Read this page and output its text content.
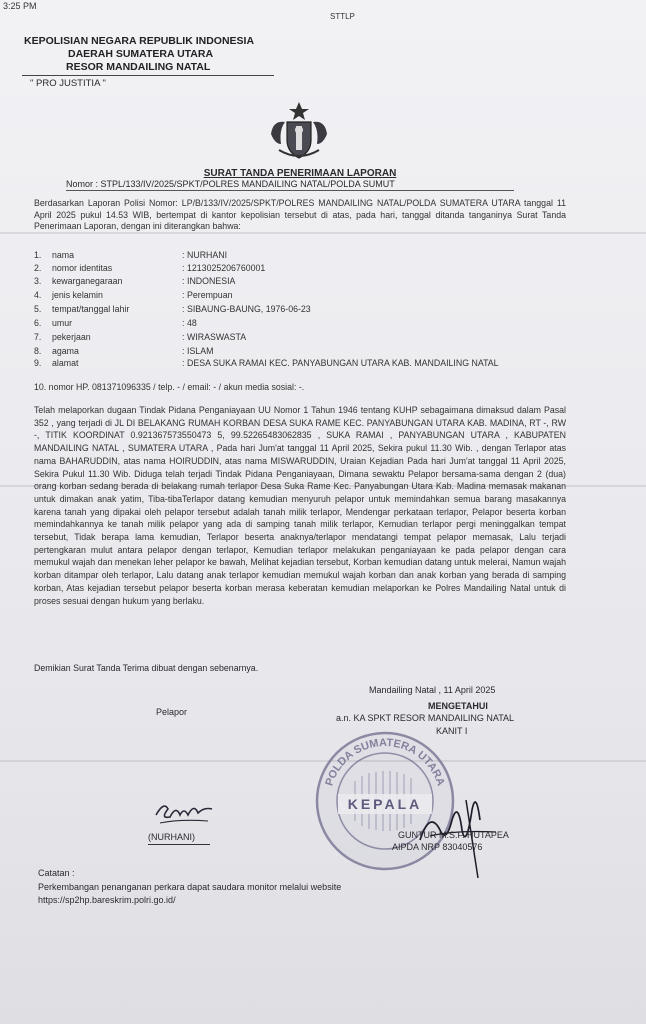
3:25 PM
STTLP
KEPOLISIAN NEGARA REPUBLIK INDONESIA
DAERAH SUMATERA UTARA
RESOR MANDAILING NATAL
" PRO JUSTITIA "
SURAT TANDA PENERIMAAN LAPORAN
Nomor : STPL/133/IV/2025/SPKT/POLRES MANDAILING NATAL/POLDA SUMUT
Berdasarkan Laporan Polisi Nomor: LP/B/133/IV/2025/SPKT/POLRES MANDAILING NATAL/POLDA SUMATERA UTARA tanggal 11 April 2025 pukul 14.53 WIB, bertempat di kantor kepolisian tersebut di atas, pada hari, tanggal ditanda tanganinya Surat Tanda Penerimaan Laporan, dengan ini diterangkan bahwa:
1.	nama	: NURHANI
2.	nomor identitas	: 1213025206760001
3.	kewarganegaraan	: INDONESIA
4.	jenis kelamin	: Perempuan
5.	tempat/tanggal lahir	: SIBAUNG-BAUNG, 1976-06-23
6.	umur	: 48
7.	pekerjaan	: WIRASWASTA
8.	agama	: ISLAM
9.	alamat	: DESA SUKA RAMAI KEC. PANYABUNGAN UTARA KAB. MANDAILING NATAL
10. nomor HP. 081371096335 / telp. - / email: - / akun media sosial: -.
Telah melaporkan dugaan Tindak Pidana Penganiayaan UU Nomor 1 Tahun 1946 tentang KUHP sebagaimana dimaksud dalam Pasal 352 , yang terjadi di JL DI BELAKANG RUMAH KORBAN DESA SUKA RAME KEC. PANYABUNGAN UTARA KAB. MADINA, RT -, RW -, TITIK KOORDINAT 0.921367573550473 5, 99.52265483062835 , SUKA RAMAI , PANYABUNGAN UTARA , KABUPATEN MANDAILING NATAL , SUMATERA UTARA , Pada hari Jum'at tanggal 11 April 2025, Sekira pukul 11.30 Wib. , dengan Terlapor atas nama BAHARUDDIN, atas nama HOIRUDDIN, atas nama MISWARUDDIN, Uraian Kejadian Pada hari Jum'at tanggal 11 April 2025, Sekira Pukul 11.30 Wib. Diduga telah terjadi Tindak Pidana Penganiayaan, Dimana sewaktu Pelapor bersama-sama dengan 2 (dua) orang korban sedang berada di belakang rumah terlapor Desa Suka Rame Kec. Panyabungan Utara Kab. Madina memasak makanan untuk dimakan anak yatim, Tiba-tibaTerlapor datang kemudian menyuruh pelapor untuk memindahkan semua barang masakannya karena tanah yang dipakai oleh pelapor tersebut adalah tanah milik terlapor, Mendengar perkataan terlapor, Pelapor beserta korban memindahkannya ke tanah milik pelapor yang ada di samping tanah milik terlapor, Kemudian terlapor pergi meninggalkan tempat tersebut, Tidak berapa lama kemudian, Terlapor beserta anaknya/terlapor mendatangi tempat pelapor memasak, Lalu terjadi pertengkaran mulut antara pelapor dengan terlapor, Kemudian terlapor melakukan penganiayaan ke pada pelapor dengan cara memukul wajah dan menekan leher pelapor ke bawah, Melihat kejadian tersebut, Korban kemudian datang untuk melerai, Namun wajah korban ditampar oleh terlapor, Lalu datang anak terlapor kemudian memukul wajah korban dan anak korban yang berada di samping korban, Atas kejadian tersebut pelapor beserta korban merasa keberatan kemudian melaporkan ke Polres Mandailing Natal untuk di proses sesuai dengan hukum yang berlaku.
Demikian Surat Tanda Terima dibuat dengan sebenarnya.
Mandailing Natal , 11 April 2025
MENGETAHUI
a.n. KA SPKT RESOR MANDAILING NATAL
KANIT I
Pelapor
POLDA SUMATERA UTARA
KEPALA
(NURHANI)	GUNTUR M.S.F. HUTAPEA
AIPDA NRP 83040576
Catatan :
Perkembangan penanganan perkara dapat saudara monitor melalui website
https://sp2hp.bareskrim.polri.go.id/
